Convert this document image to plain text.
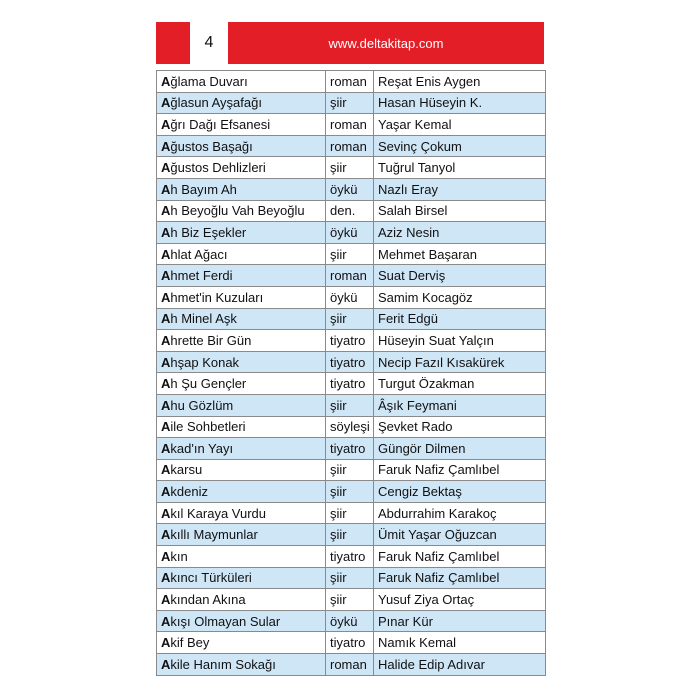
4	www.deltakitap.com
Ağlama Duvarı	roman	Reşat Enis Aygen
Ağlasun Ayşafağı	şiir	Hasan Hüseyin K.
Ağrı Dağı Efsanesi	roman	Yaşar Kemal
Ağustos Başağı	roman	Sevinç Çokum
Ağustos Dehlizleri	şiir	Tuğrul Tanyol
Ah Bayım Ah	öykü	Nazlı Eray
Ah Beyoğlu Vah Beyoğlu	den.	Salah Birsel
Ah Biz Eşekler	öykü	Aziz Nesin
Ahlat Ağacı	şiir	Mehmet Başaran
Ahmet Ferdi	roman	Suat Derviş
Ahmet'in Kuzuları	öykü	Samim Kocagöz
Ah Minel Aşk	şiir	Ferit Edgü
Ahrette Bir Gün	tiyatro	Hüseyin Suat Yalçın
Ahşap Konak	tiyatro	Necip Fazıl Kısakürek
Ah Şu Gençler	tiyatro	Turgut Özakman
Ahu Gözlüm	şiir	Âşık Feymani
Aile Sohbetleri	söyleşi	Şevket Rado
Akad'ın Yayı	tiyatro	Güngör Dilmen
Akarsu	şiir	Faruk Nafiz Çamlıbel
Akdeniz	şiir	Cengiz Bektaş
Akıl Karaya Vurdu	şiir	Abdurrahim Karakoç
Akıllı Maymunlar	şiir	Ümit Yaşar Oğuzcan
Akın	tiyatro	Faruk Nafiz Çamlıbel
Akıncı Türküleri	şiir	Faruk Nafiz Çamlıbel
Akından Akına	şiir	Yusuf Ziya Ortaç
Akışı Olmayan Sular	öykü	Pınar Kür
Akif Bey	tiyatro	Namık Kemal
Akile Hanım Sokağı	roman	Halide Edip Adıvar
